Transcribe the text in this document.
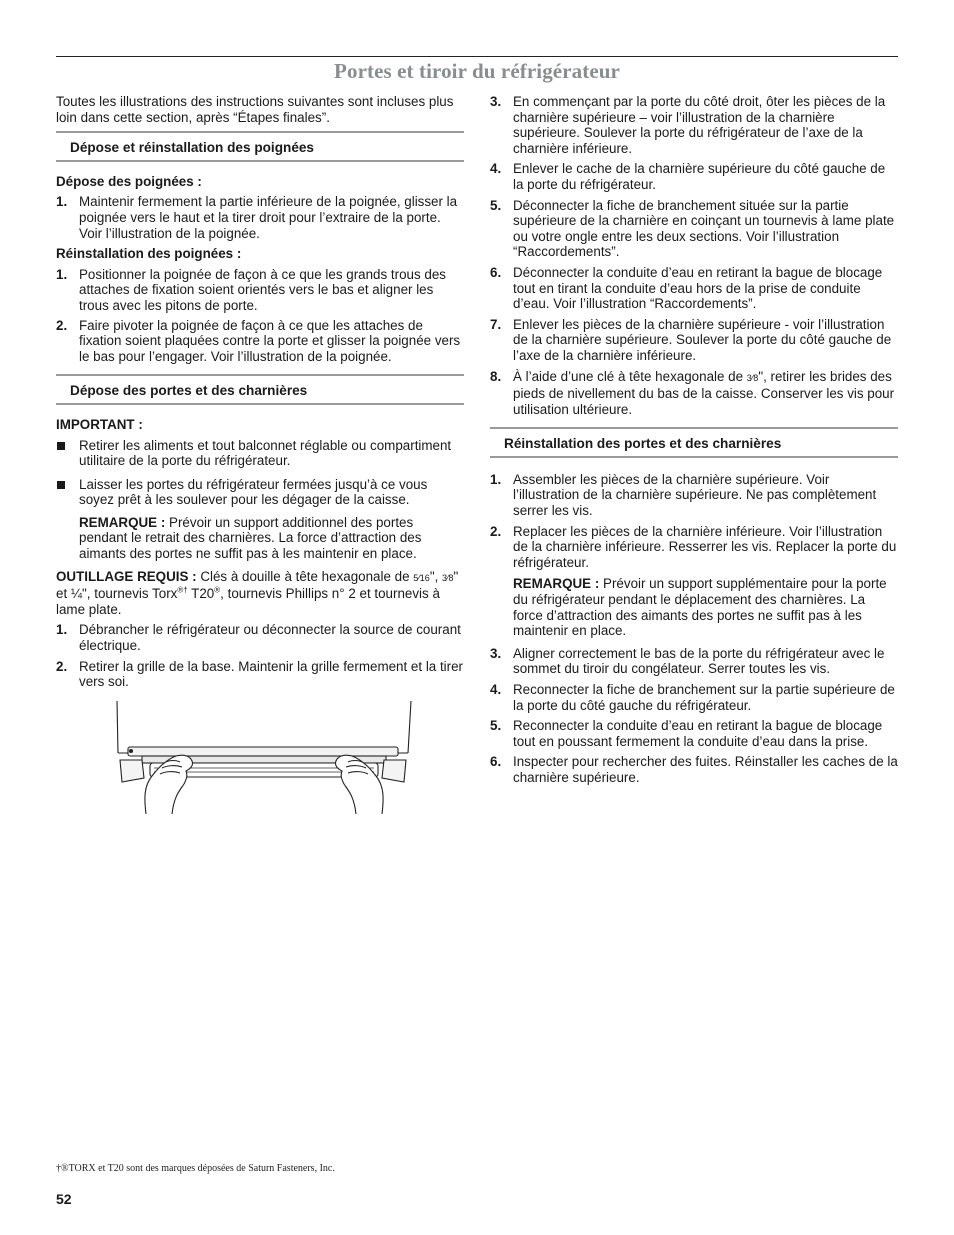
Portes et tiroir du réfrigérateur

Toutes les illustrations des instructions suivantes sont incluses plus loin dans cette section, après “Étapes finales”.

Dépose et réinstallation des poignées

Dépose des poignées :

1. Maintenir fermement la partie inférieure de la poignée, glisser la poignée vers le haut et la tirer droit pour l’extraire de la porte. Voir l’illustration de la poignée.

Réinstallation des poignées :

1. Positionner la poignée de façon à ce que les grands trous des attaches de fixation soient orientés vers le bas et aligner les trous avec les pitons de porte.
2. Faire pivoter la poignée de façon à ce que les attaches de fixation soient plaquées contre la porte et glisser la poignée vers le bas pour l’engager. Voir l’illustration de la poignée.
Dépose des portes et des charnières

IMPORTANT :

Retirer les aliments et tout balconnet réglable ou compartiment utilitaire de la porte du réfrigérateur.
Laisser les portes du réfrigérateur fermées jusqu’à ce vous soyez prêt à les soulever pour les dégager de la caisse.

REMARQUE : Prévoir un support additionnel des portes pendant le retrait des charnières. La force d’attraction des aimants des portes ne suffit pas à les maintenir en place.

OUTILLAGE REQUIS : Clés à douille à tête hexagonale de 5⁄16", 3⁄8" et ¼", tournevis Torx®† T20®, tournevis Phillips n° 2 et tournevis à lame plate.

1. Débrancher le réfrigérateur ou déconnecter la source de courant électrique.
2. Retirer la grille de la base. Maintenir la grille fermement et la tirer vers soi.
3. En commençant par la porte du côté droit, ôter les pièces de la charnière supérieure – voir l’illustration de la charnière supérieure. Soulever la porte du réfrigérateur de l’axe de la charnière inférieure.
4. Enlever le cache de la charnière supérieure du côté gauche de la porte du réfrigérateur.
5. Déconnecter la fiche de branchement située sur la partie supérieure de la charnière en coinçant un tournevis à lame plate ou votre ongle entre les deux sections. Voir l’illustration “Raccordements”.
6. Déconnecter la conduite d’eau en retirant la bague de blocage tout en tirant la conduite d’eau hors de la prise de conduite d’eau. Voir l’illustration “Raccordements”.
7. Enlever les pièces de la charnière supérieure - voir l’illustration de la charnière supérieure. Soulever la porte du côté gauche de l’axe de la charnière inférieure.
8. À l’aide d’une clé à tête hexagonale de 3⁄8", retirer les brides des pieds de nivellement du bas de la caisse. Conserver les vis pour utilisation ultérieure.
Réinstallation des portes et des charnières
1. Assembler les pièces de la charnière supérieure. Voir l’illustration de la charnière supérieure. Ne pas complètement serrer les vis.
2. Replacer les pièces de la charnière inférieure. Voir l’illustration de la charnière inférieure. Resserrer les vis. Replacer la porte du réfrigérateur.

REMARQUE : Prévoir un support supplémentaire pour la porte du réfrigérateur pendant le déplacement des charnières. La force d’attraction des aimants des portes ne suffit pas à les maintenir en place.

3. Aligner correctement le bas de la porte du réfrigérateur avec le sommet du tiroir du congélateur. Serrer toutes les vis.
4. Reconnecter la fiche de branchement sur la partie supérieure de la porte du côté gauche du réfrigérateur.
5. Reconnecter la conduite d’eau en retirant la bague de blocage tout en poussant fermement la conduite d’eau dans la prise.
6. Inspecter pour rechercher des fuites. Réinstaller les caches de la charnière supérieure.
†®TORX et T20 sont des marques déposées de Saturn Fasteners, Inc.
52
